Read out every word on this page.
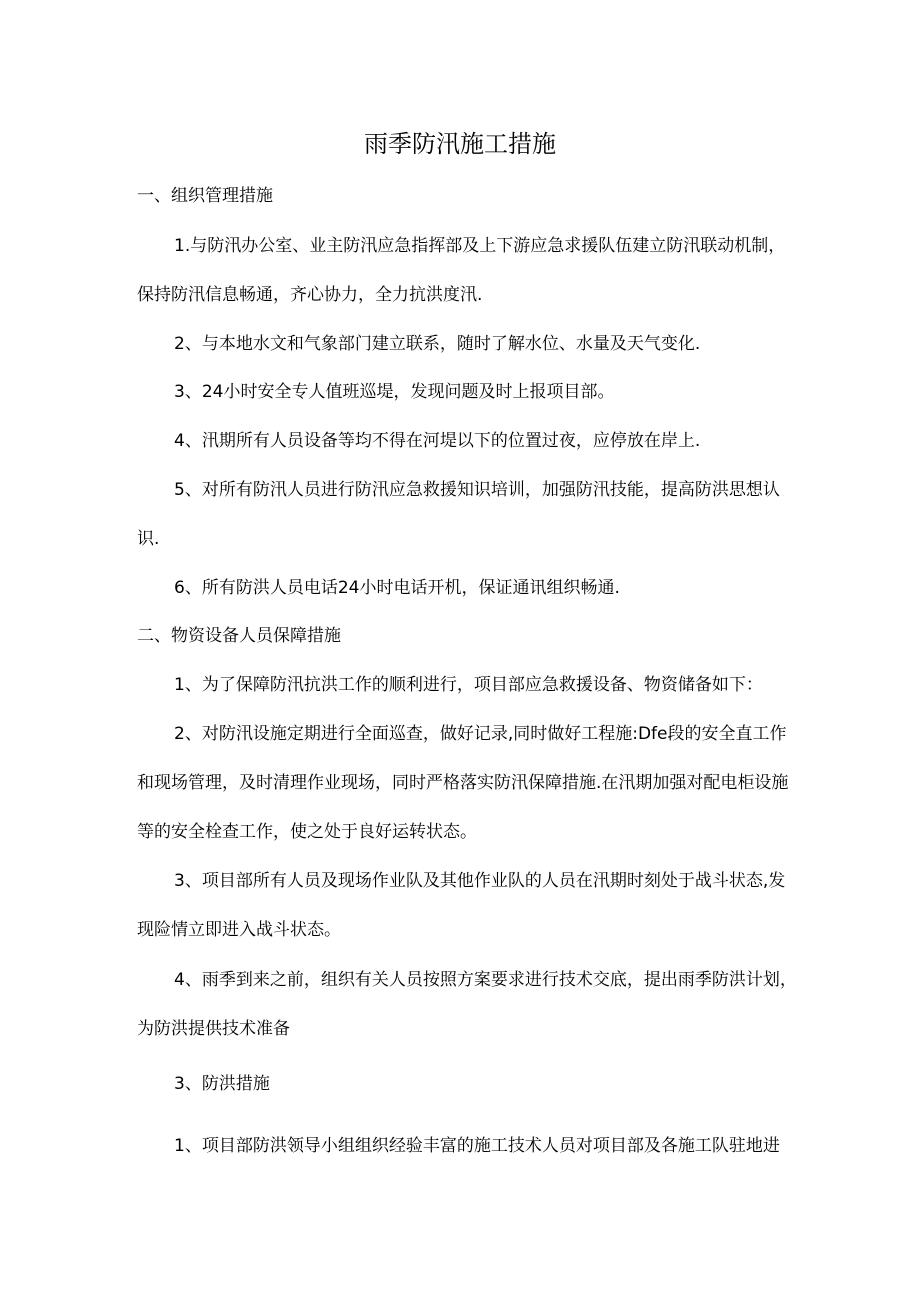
雨季防汛施工措施

一、组织管理措施

1.与防汛办公室、业主防汛应急指挥部及上下游应急求援队伍建立防汛联动机制，

保持防汛信息畅通，齐心协力，全力抗洪度汛.

2、与本地水文和气象部门建立联系，随时了解水位、水量及天气变化.

3、24小时安全专人值班巡堤，发现问题及时上报项目部。

4、汛期所有人员设备等均不得在河堤以下的位置过夜，应停放在岸上.

5、对所有防汛人员进行防汛应急救援知识培训，加强防汛技能，提高防洪思想认

识.

6、所有防洪人员电话24小时电话开机，保证通讯组织畅通.

二、物资设备人员保障措施

1、为了保障防汛抗洪工作的顺利进行，项目部应急救援设备、物资储备如下：

2、对防汛设施定期进行全面巡查，做好记录,同时做好工程施:Dfe段的安全直工作

和现场管理，及时清理作业现场，同时严格落实防汛保障措施.在汛期加强对配电柜设施

等的安全栓查工作，使之处于良好运转状态。

3、项目部所有人员及现场作业队及其他作业队的人员在汛期时刻处于战斗状态,发

现险情立即进入战斗状态。

4、雨季到来之前，组织有关人员按照方案要求进行技术交底，提出雨季防洪计划，

为防洪提供技术准备

3、防洪措施

1、项目部防洪领导小组组织经验丰富的施工技术人员对项目部及各施工队驻地进
